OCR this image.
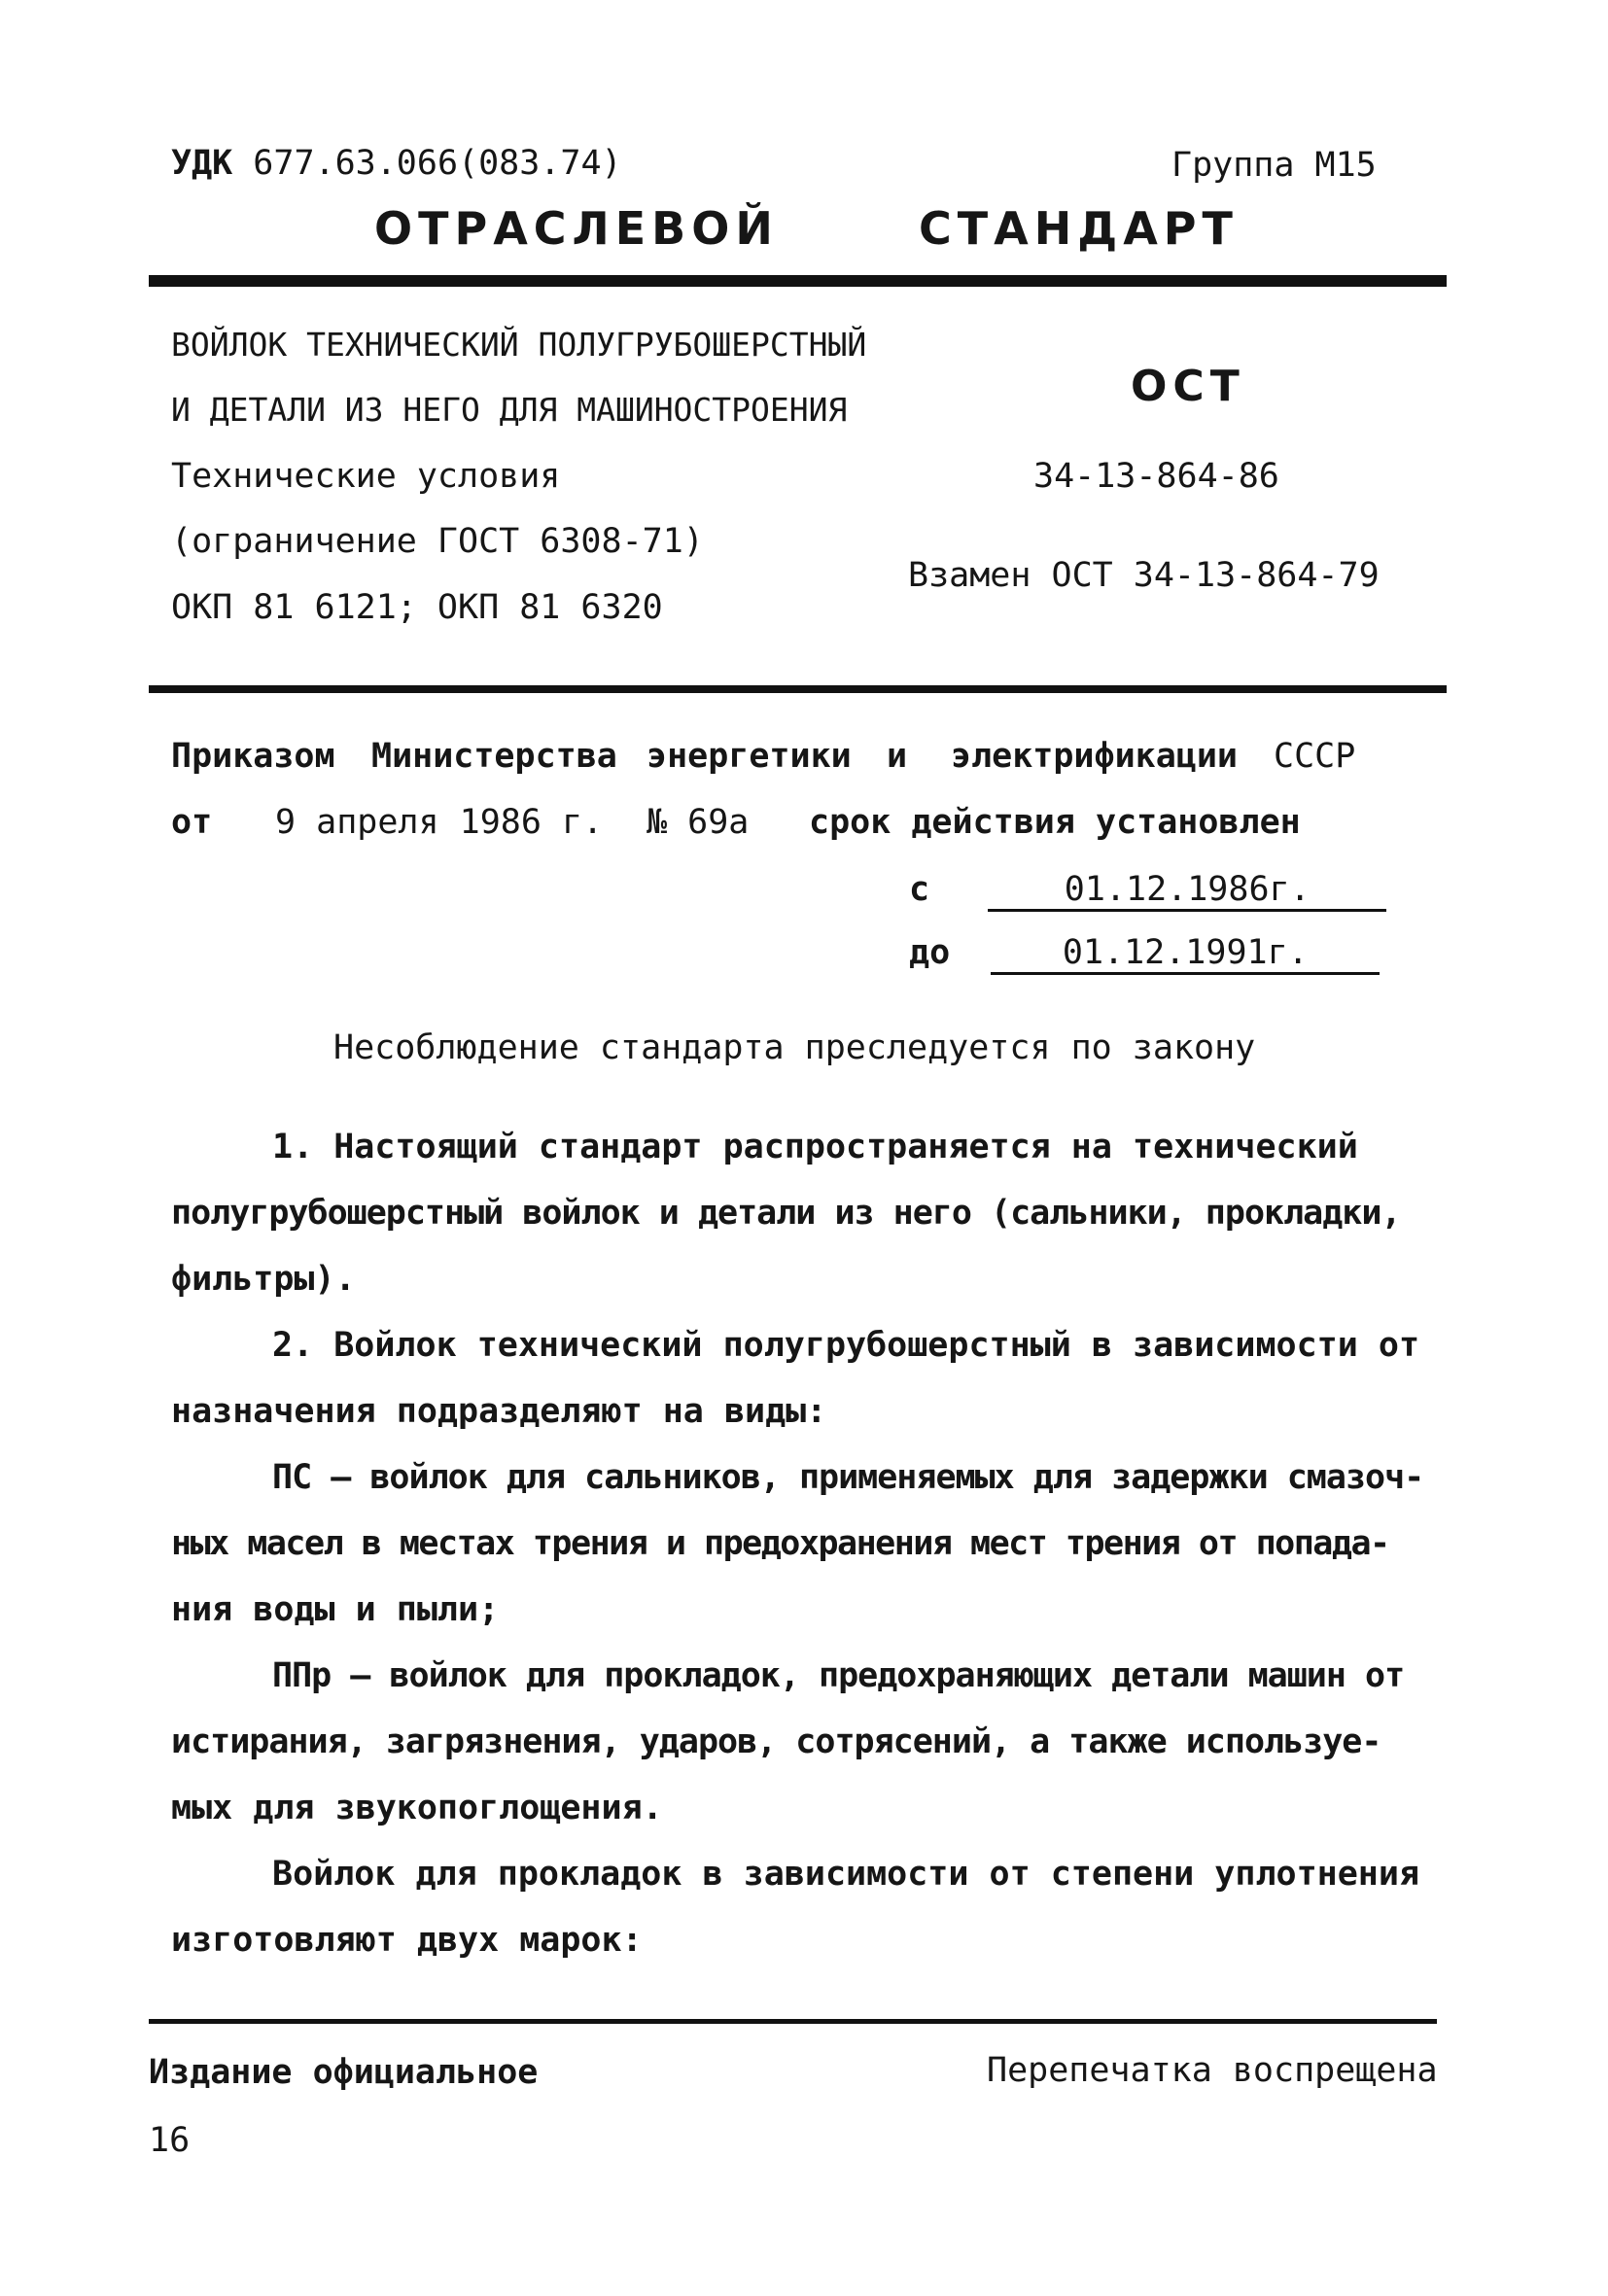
УДК 677.63.066(083.74)	Группа М15
ОТРАСЛЕВОЙ	СТАНДАРТ
ВОЙЛОК ТЕХНИЧЕСКИЙ ПОЛУГРУБОШЕРСТНЫЙ
И ДЕТАЛИ ИЗ НЕГО ДЛЯ МАШИНОСТРОЕНИЯ
Технические условия
(ограничение ГОСТ 6308-71)
ОКП 81 6121; ОКП 81 6320
ОСТ
34-13-864-86
Взамен ОСТ 34-13-864-79
Приказом Министерства энергетики и электрификации СССР
от 9 апреля 1986 г. № 69а срок действия установлен
с	01.12.1986г.
до	01.12.1991г.
Несоблюдение стандарта преследуется по закону
1. Настоящий стандарт распространяется на технический
полугрубошерстный войлок и детали из него (сальники, прокладки,
фильтры).
2. Войлок технический полугрубошерстный в зависимости от
назначения подразделяют на виды:
ПС – войлок для сальников, применяемых для задержки смазоч-
ных масел в местах трения и предохранения мест трения от попада-
ния воды и пыли;
ППр – войлок для прокладок, предохраняющих детали машин от
истирания, загрязнения, ударов, сотрясений, а также используе-
мых для звукопоглощения.
Войлок для прокладок в зависимости от степени уплотнения
изготовляют двух марок:
Издание официальное	Перепечатка воспрещена
16
